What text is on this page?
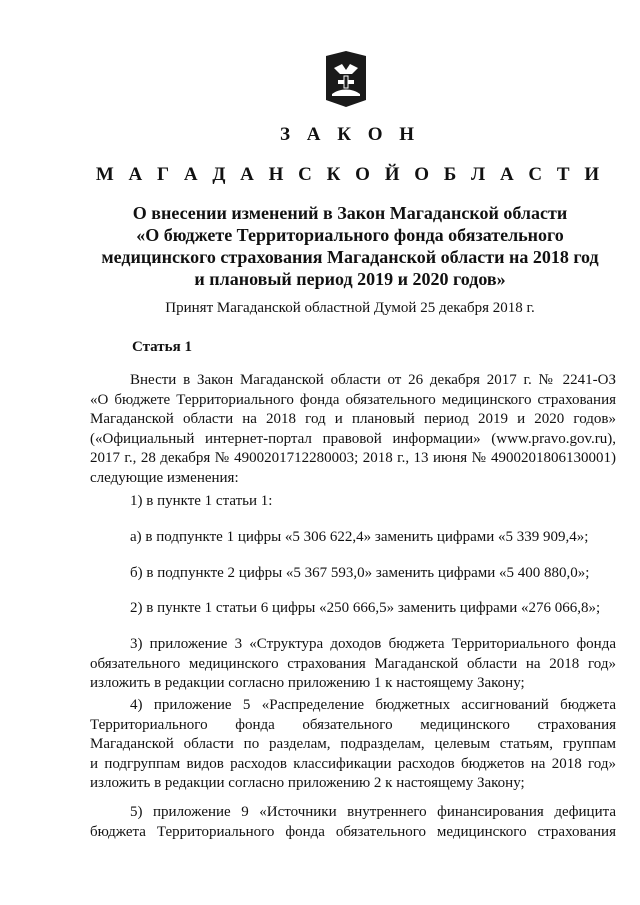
З А К О Н
М А Г А Д А Н С К О Й О Б Л А С Т И
О внесении изменений в Закон Магаданской области
«О бюджете Территориального фонда обязательного
медицинского страхования Магаданской области на 2018 год
и плановый период 2019 и 2020 годов»
Принят Магаданской областной Думой 25 декабря 2018 г.
Статья 1
Внести в Закон Магаданской области от 26 декабря 2017 г. № 2241-ОЗ
«О бюджете Территориального фонда обязательного медицинского страхования
Магаданской области на 2018 год и плановый период 2019 и 2020 годов»
(«Официальный интернет-портал правовой информации» (www.pravo.gov.ru),
2017 г., 28 декабря № 4900201712280003; 2018 г., 13 июня № 4900201806130001)
следующие изменения:
1) в пункте 1 статьи 1:
а) в подпункте 1 цифры «5 306 622,4» заменить цифрами «5 339 909,4»;
б) в подпункте 2 цифры «5 367 593,0» заменить цифрами «5 400 880,0»;
2) в пункте 1 статьи 6 цифры «250 666,5» заменить цифрами «276 066,8»;
3) приложение 3 «Структура доходов бюджета Территориального фонда
обязательного медицинского страхования Магаданской области на 2018 год»
изложить в редакции согласно приложению 1 к настоящему Закону;
4) приложение 5 «Распределение бюджетных ассигнований бюджета
Территориального фонда обязательного медицинского страхования
Магаданской области по разделам, подразделам, целевым статьям, группам
и подгруппам видов расходов классификации расходов бюджетов на 2018 год»
изложить в редакции согласно приложению 2 к настоящему Закону;
5) приложение 9 «Источники внутреннего финансирования дефицита
бюджета Территориального фонда обязательного медицинского страхования
